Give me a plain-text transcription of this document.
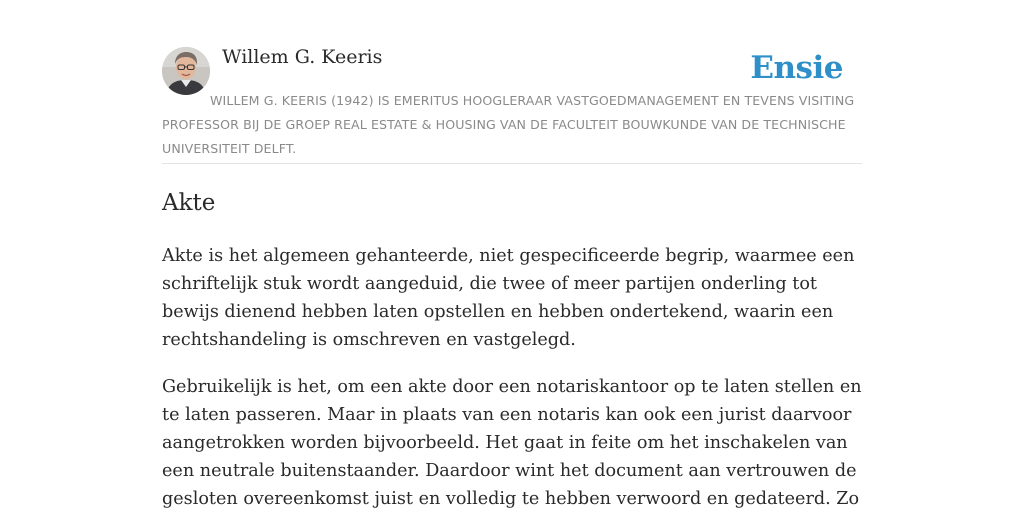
Willem G. Keeris	Ensie

WILLEM G. KEERIS (1942) IS EMERITUS HOOGLERAAR VASTGOEDMANAGEMENT EN TEVENS VISITING PROFESSOR BIJ DE GROEP REAL ESTATE & HOUSING VAN DE FACULTEIT BOUWKUNDE VAN DE TECHNISCHE UNIVERSITEIT DELFT.

Akte

Akte is het algemeen gehanteerde, niet gespecificeerde begrip, waarmee een schriftelijk stuk wordt aangeduid, die twee of meer partijen onderling tot bewijs dienend hebben laten opstellen en hebben ondertekend, waarin een rechtshandeling is omschreven en vastgelegd.

Gebruikelijk is het, om een akte door een notariskantoor op te laten stellen en te laten passeren. Maar in plaats van een notaris kan ook een jurist daarvoor aangetrokken worden bijvoorbeeld. Het gaat in feite om het inschakelen van een neutrale buitenstaander. Daardoor wint het document aan vertrouwen de gesloten overeenkomst juist en volledig te hebben verwoord en gedateerd. Zo
